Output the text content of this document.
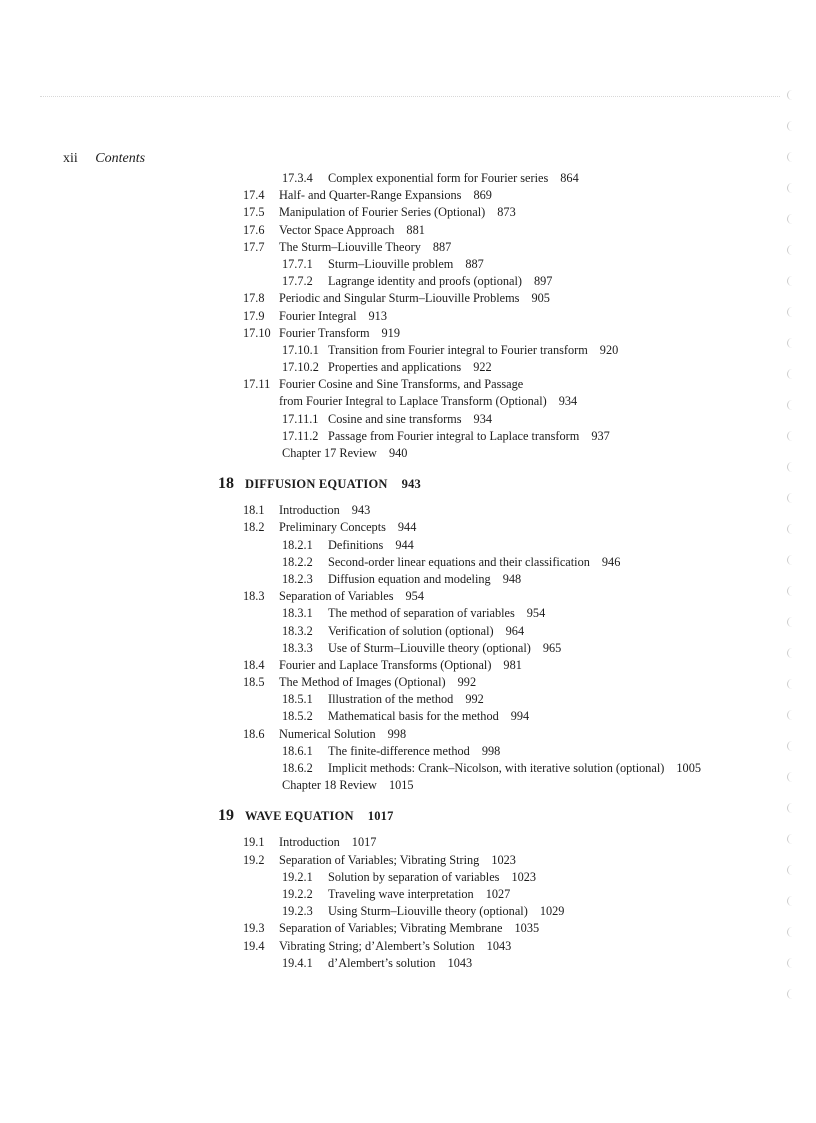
xii Contents
17.3.4 Complex exponential form for Fourier series 864
17.4 Half- and Quarter-Range Expansions 869
17.5 Manipulation of Fourier Series (Optional) 873
17.6 Vector Space Approach 881
17.7 The Sturm–Liouville Theory 887
17.7.1 Sturm–Liouville problem 887
17.7.2 Lagrange identity and proofs (optional) 897
17.8 Periodic and Singular Sturm–Liouville Problems 905
17.9 Fourier Integral 913
17.10 Fourier Transform 919
17.10.1 Transition from Fourier integral to Fourier transform 920
17.10.2 Properties and applications 922
17.11 Fourier Cosine and Sine Transforms, and Passage
from Fourier Integral to Laplace Transform (Optional) 934
17.11.1 Cosine and sine transforms 934
17.11.2 Passage from Fourier integral to Laplace transform 937
Chapter 17 Review 940
18 DIFFUSION EQUATION 943
18.1 Introduction 943
18.2 Preliminary Concepts 944
18.2.1 Definitions 944
18.2.2 Second-order linear equations and their classification 946
18.2.3 Diffusion equation and modeling 948
18.3 Separation of Variables 954
18.3.1 The method of separation of variables 954
18.3.2 Verification of solution (optional) 964
18.3.3 Use of Sturm–Liouville theory (optional) 965
18.4 Fourier and Laplace Transforms (Optional) 981
18.5 The Method of Images (Optional) 992
18.5.1 Illustration of the method 992
18.5.2 Mathematical basis for the method 994
18.6 Numerical Solution 998
18.6.1 The finite-difference method 998
18.6.2 Implicit methods: Crank–Nicolson, with iterative solution (optional) 1005
Chapter 18 Review 1015
19 WAVE EQUATION 1017
19.1 Introduction 1017
19.2 Separation of Variables; Vibrating String 1023
19.2.1 Solution by separation of variables 1023
19.2.2 Traveling wave interpretation 1027
19.2.3 Using Sturm–Liouville theory (optional) 1029
19.3 Separation of Variables; Vibrating Membrane 1035
19.4 Vibrating String; d’Alembert’s Solution 1043
19.4.1 d’Alembert’s solution 1043
